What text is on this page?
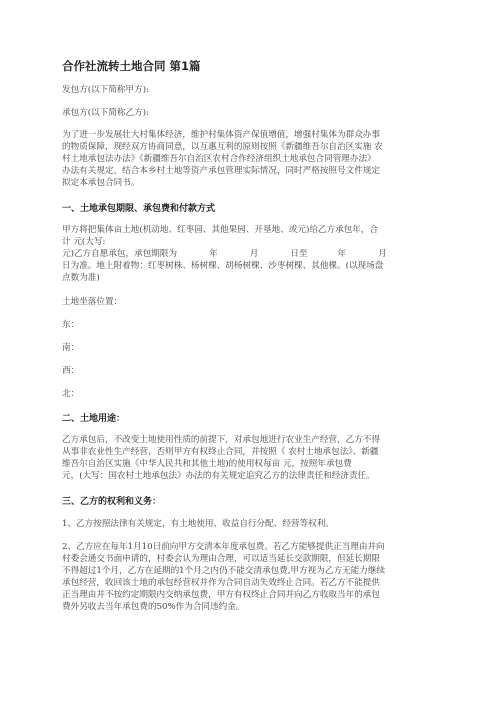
合作社流转土地合同 第1篇
发包方(以下简称甲方):
承包方(以下简称乙方):
为了进一步发展壮大村集体经济，维护村集体资产保值增值，增强村集体为群众办事
的物质保障，现经双方协商同意，以互惠互利的原则按照《新疆维吾尔自治区实施 农
村土地承包法办法》《新疆维吾尔自治区农村合作经济组织土地承包合同管理办法》
办法有关规定，结合本乡村土地等资产承包管理实际情况，同时严格按照号文件规定
拟定本承包合同书。
一、土地承包期限、承包费和付款方式
甲方将把集体亩土地(机动地、红枣园、其他果园、开垦地、或元)给乙方承包年，合
计 元(大写:
元)乙方自愿承包，承包期限为	年	月	日至	年	月
日为准。地上附着物：红枣树株、杨树棵、胡杨树棵、沙枣树棵、其他棵。(以现场盘
点数为准)
土地坐落位置：
东：
南：
西：
北：
二、土地用途：
乙方承包后，不改变土地使用性质的前提下，对承包地进行农业生产经营，乙方不得
从事非农业性生产经营，否则甲方有权终止合同，并按照《 农村土地承包法》、新疆
维吾尔自治区实施《中华人民共和其他土地)的使用权每亩 元，按照年承包费
元，(大写：国农村土地承包法》办法的有关规定追究乙方的法律责任和经济责任。
三、乙方的权利和义务：
1、乙方按照法律有关规定，有土地使用、收益自行分配、经营等权利。
2、乙方应在每年1月10日前向甲方交清本年度承包费。若乙方能够提供正当理由并向
村委会通交书面申请的，村委会认为理由合理，可以适当延长交款期限，但延长期限
不得超过1个月，乙方在延期的1个月之内仍不能交清承包费,甲方视为乙方无能力继续
承包经营，收回该土地的承包经营权并作为合同自动失效终止合同。若乙方不能提供
正当理由并不按约定期限内交纳承包费，甲方有权终止合同并向乙方收取当年的承包
费外另收去当年承包费的50%作为合同违约金。
